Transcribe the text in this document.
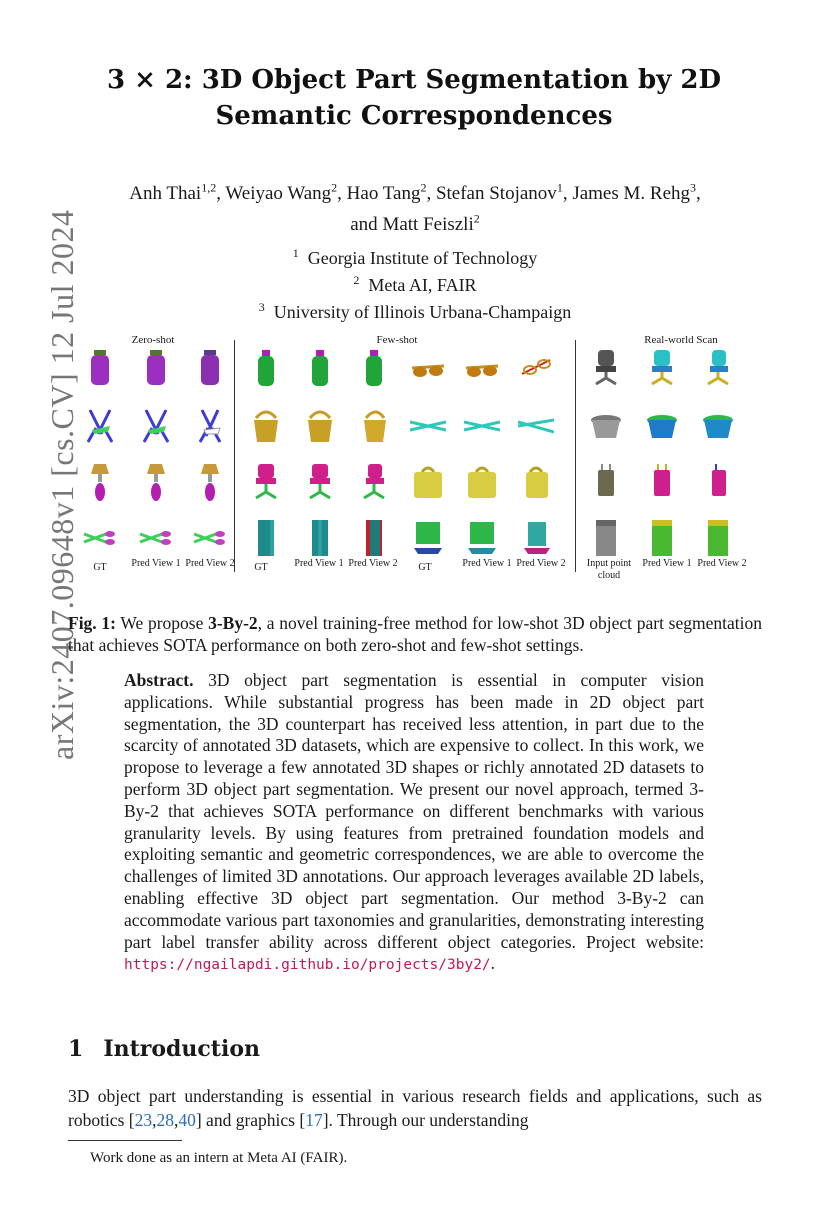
arXiv:2407.09648v1 [cs.CV] 12 Jul 2024
3 × 2: 3D Object Part Segmentation by 2D
Semantic Correspondences
Anh Thai$^{1,2}$, Weiyao Wang$^2$, Hao Tang$^2$, Stefan Stojanov$^1$, James M. Rehg$^3$,
and Matt Feiszli$^2$
$^1$ Georgia Institute of Technology
$^2$ Meta AI, FAIR
$^3$ University of Illinois Urbana-Champaign
Zero-shot	Few-shot	Real-world Scan
GT	Pred View 1 Pred View 2	GT	Pred View 1 Pred View 2	GT	Pred View 1 Pred View 2	Input point cloud
Pred View 1 Pred View 2
Fig. 1: We propose 3-By-2, a novel training-free method for low-shot 3D object part segmentation that achieves SOTA performance on both zero-shot and few-shot settings.
Abstract. 3D object part segmentation is essential in computer vision applications. While substantial progress has been made in 2D object part segmentation, the 3D counterpart has received less attention, in part due to the scarcity of annotated 3D datasets, which are expensive to collect. In this work, we propose to leverage a few annotated 3D shapes or richly annotated 2D datasets to perform 3D object part segmentation. We present our novel approach, termed 3-By-2 that achieves SOTA performance on different benchmarks with various granularity levels. By using features from pretrained foundation models and exploiting semantic and geometric correspondences, we are able to overcome the challenges of limited 3D annotations. Our approach leverages available 2D labels, enabling effective 3D object part segmentation. Our method 3-By-2 can accommodate various part taxonomies and granularities, demonstrating interesting part label transfer ability across different object categories. Project website: https://ngailapdi.github.io/projects/3by2/.
1 Introduction
3D object part understanding is essential in various research fields and applications, such as robotics [23,28,40] and graphics [17]. Through our understanding
Work done as an intern at Meta AI (FAIR).
